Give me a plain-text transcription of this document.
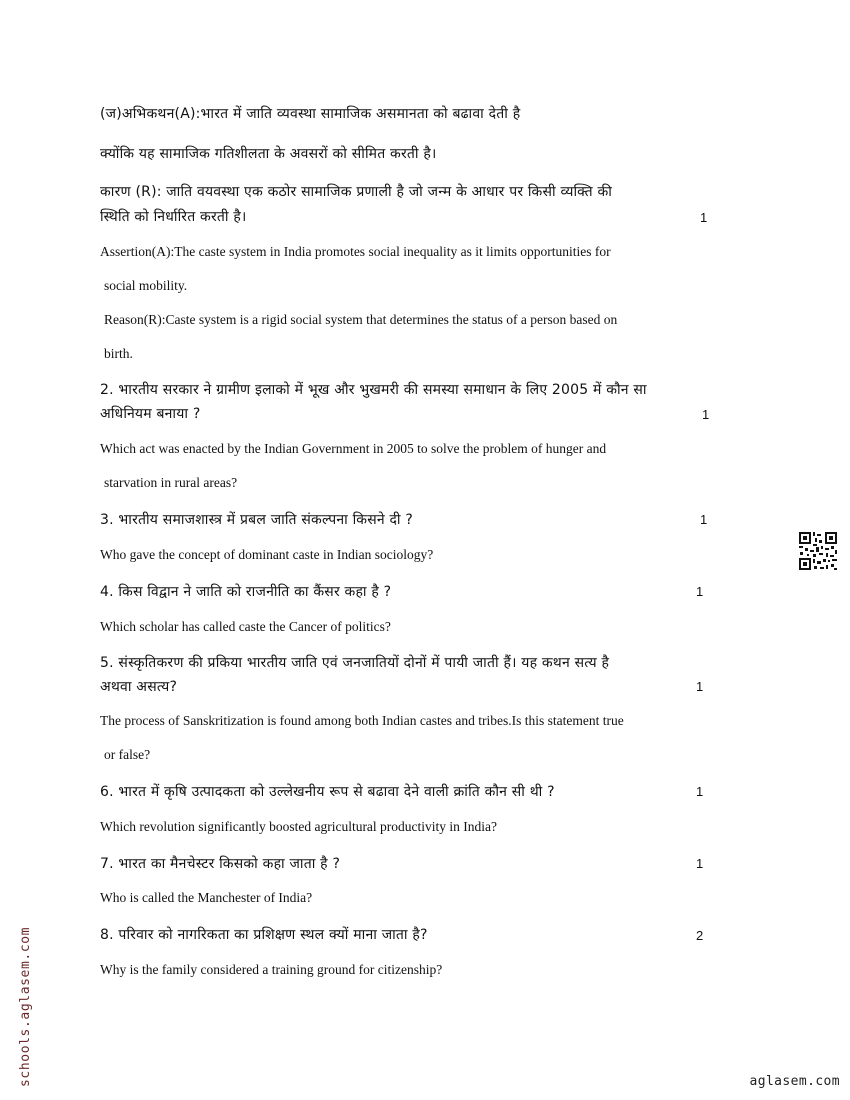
(ज)अभिकथन(A):भारत में जाति व्यवस्था सामाजिक असमानता को बढावा देती है
क्योंकि यह सामाजिक गतिशीलता के अवसरों को सीमित करती है।
कारण (R): जाति वयवस्था एक कठोर सामाजिक प्रणाली है जो जन्म के आधार पर किसी व्यक्ति की
स्थिति को निर्धारित करती है।	1
Assertion(A):The caste system in India promotes social inequality as it limits opportunities for
social mobility.
Reason(R):Caste system is a rigid social system that determines the status of a person based on
birth.
2. भारतीय सरकार ने ग्रामीण इलाको में भूख और भुखमरी की समस्या समाधान के लिए 2005 में कौन सा
अधिनियम बनाया ?	1
Which act was enacted by the Indian Government in 2005 to solve the problem of hunger and
starvation in rural areas?
3. भारतीय समाजशास्त्र में प्रबल जाति संकल्पना किसने दी ?	1
Who gave the concept of dominant caste in Indian sociology?
4. किस विद्वान ने जाति को राजनीति का कैंसर कहा है ?	1
Which scholar has called caste the Cancer of politics?
5. संस्कृतिकरण की प्रकिया भारतीय जाति एवं जनजातियों दोनों में पायी जाती हैं। यह कथन सत्य है
अथवा असत्य?	1
The process of Sanskritization is found among both Indian castes and tribes.Is this statement true
or false?
6. भारत में कृषि उत्पादकता को उल्लेखनीय रूप से बढावा देने वाली क्रांति कौन सी थी ?	1
Which revolution significantly boosted agricultural productivity in India?
7. भारत का मैनचेस्टर किसको कहा जाता है ?	1
Who is called the Manchester of India?
8. परिवार को नागरिकता का प्रशिक्षण स्थल क्यों माना जाता है?	2
Why is the family considered a training ground for citizenship?
schools.aglasem.com	aglasem.com
